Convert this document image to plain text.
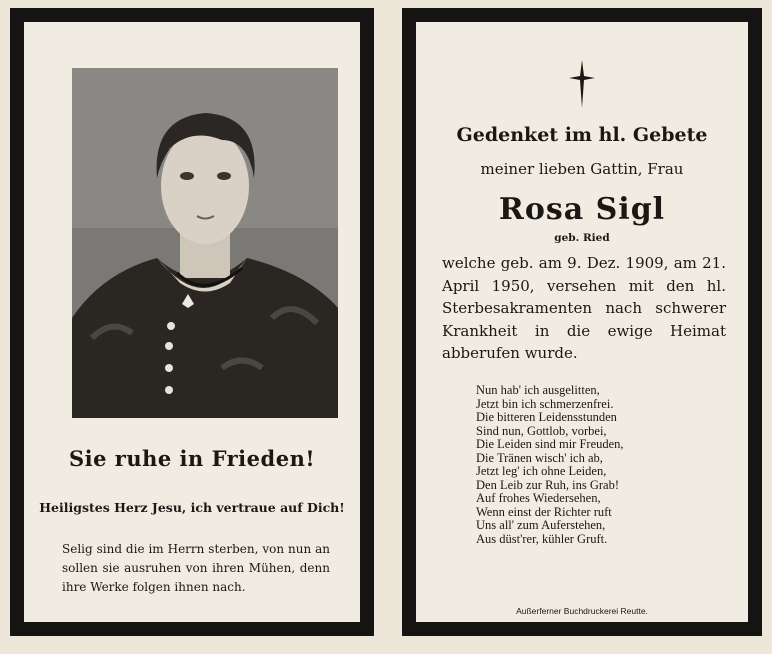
Sie ruhe in Frieden!
Heiligstes Herz Jesu, ich vertraue auf Dich!
Selig sind die im Herrn sterben, von nun an sollen sie ausruhen von ihren Mühen, denn ihre Werke folgen ihnen nach.
Gedenket im hl. Gebete
meiner lieben Gattin, Frau
Rosa Sigl
geb. Ried
welche geb. am 9. Dez. 1909, am 21. April 1950, versehen mit den hl. Sterbesakramenten nach schwerer Krankheit in die ewige Heimat abberufen wurde.
Nun hab' ich ausgelitten,
Jetzt bin ich schmerzenfrei.
Die bitteren Leidensstunden
Sind nun, Gottlob, vorbei,
Die Leiden sind mir Freuden,
Die Tränen wisch' ich ab,
Jetzt leg' ich ohne Leiden,
Den Leib zur Ruh, ins Grab!
Auf frohes Wiedersehen,
Wenn einst der Richter ruft
Uns all' zum Auferstehen,
Aus düst'rer, kühler Gruft.
Außerferner Buchdruckerei Reutte.
